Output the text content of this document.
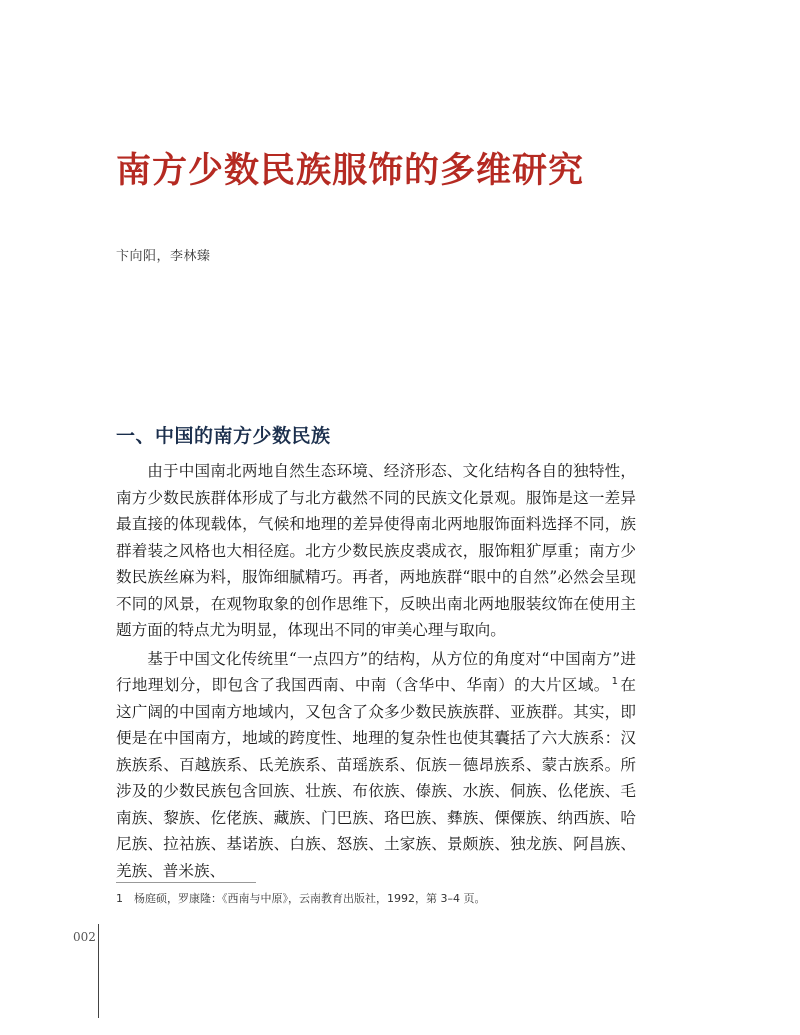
南方少数民族服饰的多维研究
卞向阳，李林臻
一、中国的南方少数民族

由于中国南北两地自然生态环境、经济形态、文化结构各自的独特性，南方少数民族群体形成了与北方截然不同的民族文化景观。服饰是这一差异最直接的体现载体，气候和地理的差异使得南北两地服饰面料选择不同，族群着装之风格也大相径庭。北方少数民族皮裘成衣，服饰粗犷厚重；南方少数民族丝麻为料，服饰细腻精巧。再者，两地族群“眼中的自然”必然会呈现不同的风景，在观物取象的创作思维下，反映出南北两地服装纹饰在使用主题方面的特点尤为明显，体现出不同的审美心理与取向。

基于中国文化传统里“一点四方”的结构，从方位的角度对“中国南方”进行地理划分，即包含了我国西南、中南（含华中、华南）的大片区域。 $^1$ 在这广阔的中国南方地域内，又包含了众多少数民族族群、亚族群。其实，即便是在中国南方，地域的跨度性、地理的复杂性也使其囊括了六大族系：汉族族系、百越族系、氐羌族系、苗瑶族系、佤族－德昂族系、蒙古族系。所涉及的少数民族包含回族、壮族、布依族、傣族、水族、侗族、仫佬族、毛南族、黎族、仡佬族、藏族、门巴族、珞巴族、彝族、傈僳族、纳西族、哈尼族、拉祜族、基诺族、白族、怒族、土家族、景颇族、独龙族、阿昌族、羌族、普米族、

1 杨庭硕，罗康隆：《西南与中原》，云南教育出版社，1992，第 3–4 页。
002
